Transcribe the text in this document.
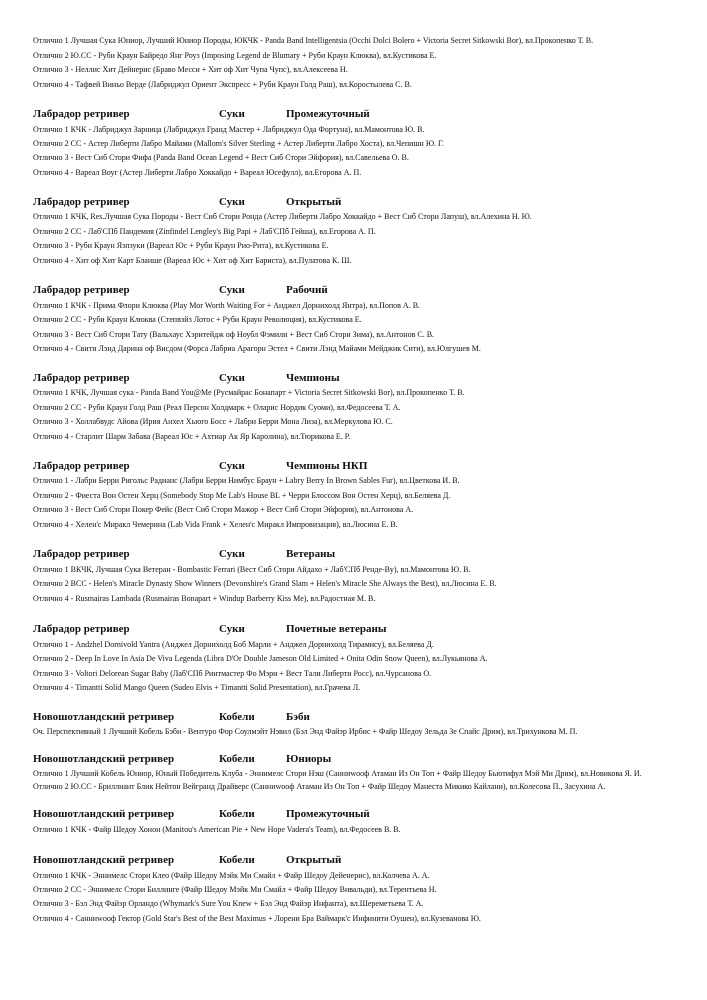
Отлично 1 Лучшая Сука Юниор, Лучший Юниор Породы, ЮКЧК - Panda Band Intelligentsia (Occhi Dolci Bolero + Victoria Secret Sitkowski Bor), вл.Прокопенко Т. В.
Отлично 2 Ю.СС - Руби Краун Байредо Янг Роуз (Imposing Legend de Blumary + Руби Краун Клюква), вл.Кустикова Е.
Отлично 3 - Неллис Хит Дейнерис (Браво Месси + Хит оф Хит Чупа Чупс), вл.Алексеева Н.
Отлично 4 - Тафвей Виньо Верде (Лабриджул Ориент Экспресс + Руби Краун Голд Раш), вл.Коростылева С. В.
Лабрадор ретривер	Суки	Промежуточный
Отлично 1 КЧК - Лабриджул Зарница (Лабриджул Гранд Мастер + Лабриджул Ода Фортуна), вл.Мамонтова Ю. В.
Отлично 2 СС - Астер Либерти Лабро Майами (Mallom's Silver Sterling + Астер Либерти Лабро Хоста), вл.Чепишн Ю. Г.
Отлично 3 - Вест Сиб Стори Фифа (Panda Band Ocean Legend + Вест Сиб Стори Эйфория), вл.Савельева О. В.
Отлично 4 - Вареал Воуг (Астер Либерти Лабро Хоккайдо + Вареал Юсефулл), вл.Егорова А. П.
Лабрадор ретривер	Суки	Открытый
Отлично 1 КЧК, Res.Лучшая Сука Породы - Вест Сиб Стори Ронда (Астер Либерти Лабро Хоккайдо + Вест Сиб Стори Лапуш), вл.Алехина Н. Ю.
Отлично 2 СС - Лаб'СПб Пандемия (Zinfindel Lengley's Big Papi + Лаб'СПб Гейша), вл.Егорова А. П.
Отлично 3 - Руби Краун Язпзуки (Вареал Юс + Руби Краун Рио-Рита), вл.Кустикова Е.
Отлично 4 - Хит оф Хит Карт Бланше (Вареал Юс + Хит оф Хит Бариста), вл.Пулатова К. Ш.
Лабрадор ретривер	Суки	Рабочий
Отлично 1 КЧК - Прима Флори Клюква (Play Mor Worth Waiting For + Анджел Дорнихолд Янтра), вл.Попов А. В.
Отлично 2 СС - Руби Краун Клюква (Степвэйз Лотос + Руби Краун Революция), вл.Кустикова Е.
Отлично 3 - Вест Сиб Стори Тату (Вальхаус Хэритейдж оф Ноубл Фэмили + Вест Сиб Стори Зима), вл.Антонов С. В.
Отлично 4 - Свити Лэнд Дарина оф Висдом (Форса Лабриа Арагорн Эстел + Свити Лэнд Майами Мейджик Сити), вл.Юлгушев М.
Лабрадор ретривер	Суки	Чемпионы
Отлично 1 КЧК, Лучшая сука - Panda Band You@Me (Русмайрас Бонапарт + Victoria Secret Sitkowski Bor), вл.Прокопенко Т. В.
Отлично 2 СС - Руби Краун Голд Раш (Реал Персон Холдмарк + Оларис Нордик Суоми), вл.Федосеева Т. А.
Отлично 3 - Холлабвудс Айова (Ирия Анхел Хьюго Босс + Лабри Берри Мона Лиза), вл.Меркулова Ю. С.
Отлично 4 - Старлит Шарм Забава (Вареал Юс + Ахтиар Ак Яр Каролина), вл.Тюрикова Е. Р.
Лабрадор ретривер	Суки	Чемпионы НКП
Отлично 1 - Лабри Берри Ригольс Радианс (Лабри Берри Нимбус Браун + Labry Berry In Brown Sables Fur), вл.Цветкова И. В.
Отлично 2 - Фиеста Вон Остен Херц (Somebody Stop Me Lab's House BL + Черри Блоссом Вон Остен Херц), вл.Беляева Д.
Отлично 3 - Вест Сиб Стори Покер Фейс (Вест Сиб Стори Мажор + Вест Сиб Стори Эйфория), вл.Антонова А.
Отлично 4 - Хелен'с Миракл Чемерина (Lab Vida Frank + Хелен'с Миракл Импровизация), вл.Люсина Е. В.
Лабрадор ретривер	Суки	Ветераны
Отлично 1 ВКЧК, Лучшая Сука Ветеран - Bombastic Ferrari (Вест Сиб Стори Айдахо + Лаб'СПб Ренде-Ву), вл.Мамонтова Ю. В.
Отлично 2 ВСС - Helen's Miracle Dynasty Show Winners (Devonshire's Grand Slam + Helen's Miracle She Always the Best), вл.Люсина Е. В.
Отлично 4 - Rusmairas Lambada (Rusmairas Bonapart + Windup Barberry Kiss Me), вл.Радостная М. В.
Лабрадор ретривер	Суки	Почетные ветераны
Отлично 1 - Andzhel Dornivold Yantra (Анджел Дорнихолд Боб Марли + Анджел Дорнихолд Тирамису), вл.Беляева Д.
Отлично 2 - Deep In Love In Asia De Viva Legenda (Libra D'Or Double Jameson Old Limited + Onita Odin Snow Queen), вл.Лукьянова А.
Отлично 3 - Voltori Delorean Sugar Baby (Лаб'СПб Ринтмастер Фо Мэри + Вест Тали Либерти Росс), вл.Чурсанова О.
Отлично 4 - Timantti Solid Mango Queen (Sudeo Elvis + Timantti Solid Presentation), вл.Грачева Л.
Новошотландский ретривер	Кобели	Бэби
Оч. Перспективный 1 Лучший Кобель Бэби - Вентуро Фор Соулмэйт Нэвил (Бэл Энд Файэр Ирбис + Файр Шедоу Зельда Зе Спайс Дрим), вл.Трихункова М. П.
Новошотландский ретривер	Кобели	Юниоры
Отлично 1 Лучший Кобель Юниор, Юный Победитель Клуба - Эннимелс Стори Нэш (Санниwооф Атаман Из Он Топ + Файр Шедоу Бьютифул Мэй Ми Дрим), вл.Новикова Я. И.
Отлично 2 Ю.СС - Бриллиант Блик Нейтон Вейгранд Драйверс (Санниwооф Атаман Из Он Топ + Файр Шедоу Манеста Микико Кайлани), вл.Колесова П., Засухина А.
Новошотландский ретривер	Кобели	Промежуточный
Отлично 1 КЧК - Файр Шедоу Хонон (Manitou's American Pie + New Hope Vadera's Team), вл.Федосеев В. В.
Новошотландский ретривер	Кобели	Открытый
Отлично 1 КЧК - Эннимелс Стори Клео (Файр Шедоу Мэйк Ми Смайл + Файр Шедоу Дейенерис), вл.Колчева А. А.
Отлично 2 СС - Эннимелс Стори Биллинге (Файр Шедоу Мэйк Ми Смайл + Файр Шедоу Вивальди), вл.Терентьева Н.
Отлично 3 - Бэл Энд Файэр Орландо (Whymark's Sure You Knew + Бэл Энд Файэр Инфанта), вл.Шереметьева Т. А.
Отлично 4 - Санниwооф Гектор (Gold Star's Best of the Best Maximus + Лорени Бра Ваймарк'с Инфинити Оушен), вл.Кузеванова Ю.
